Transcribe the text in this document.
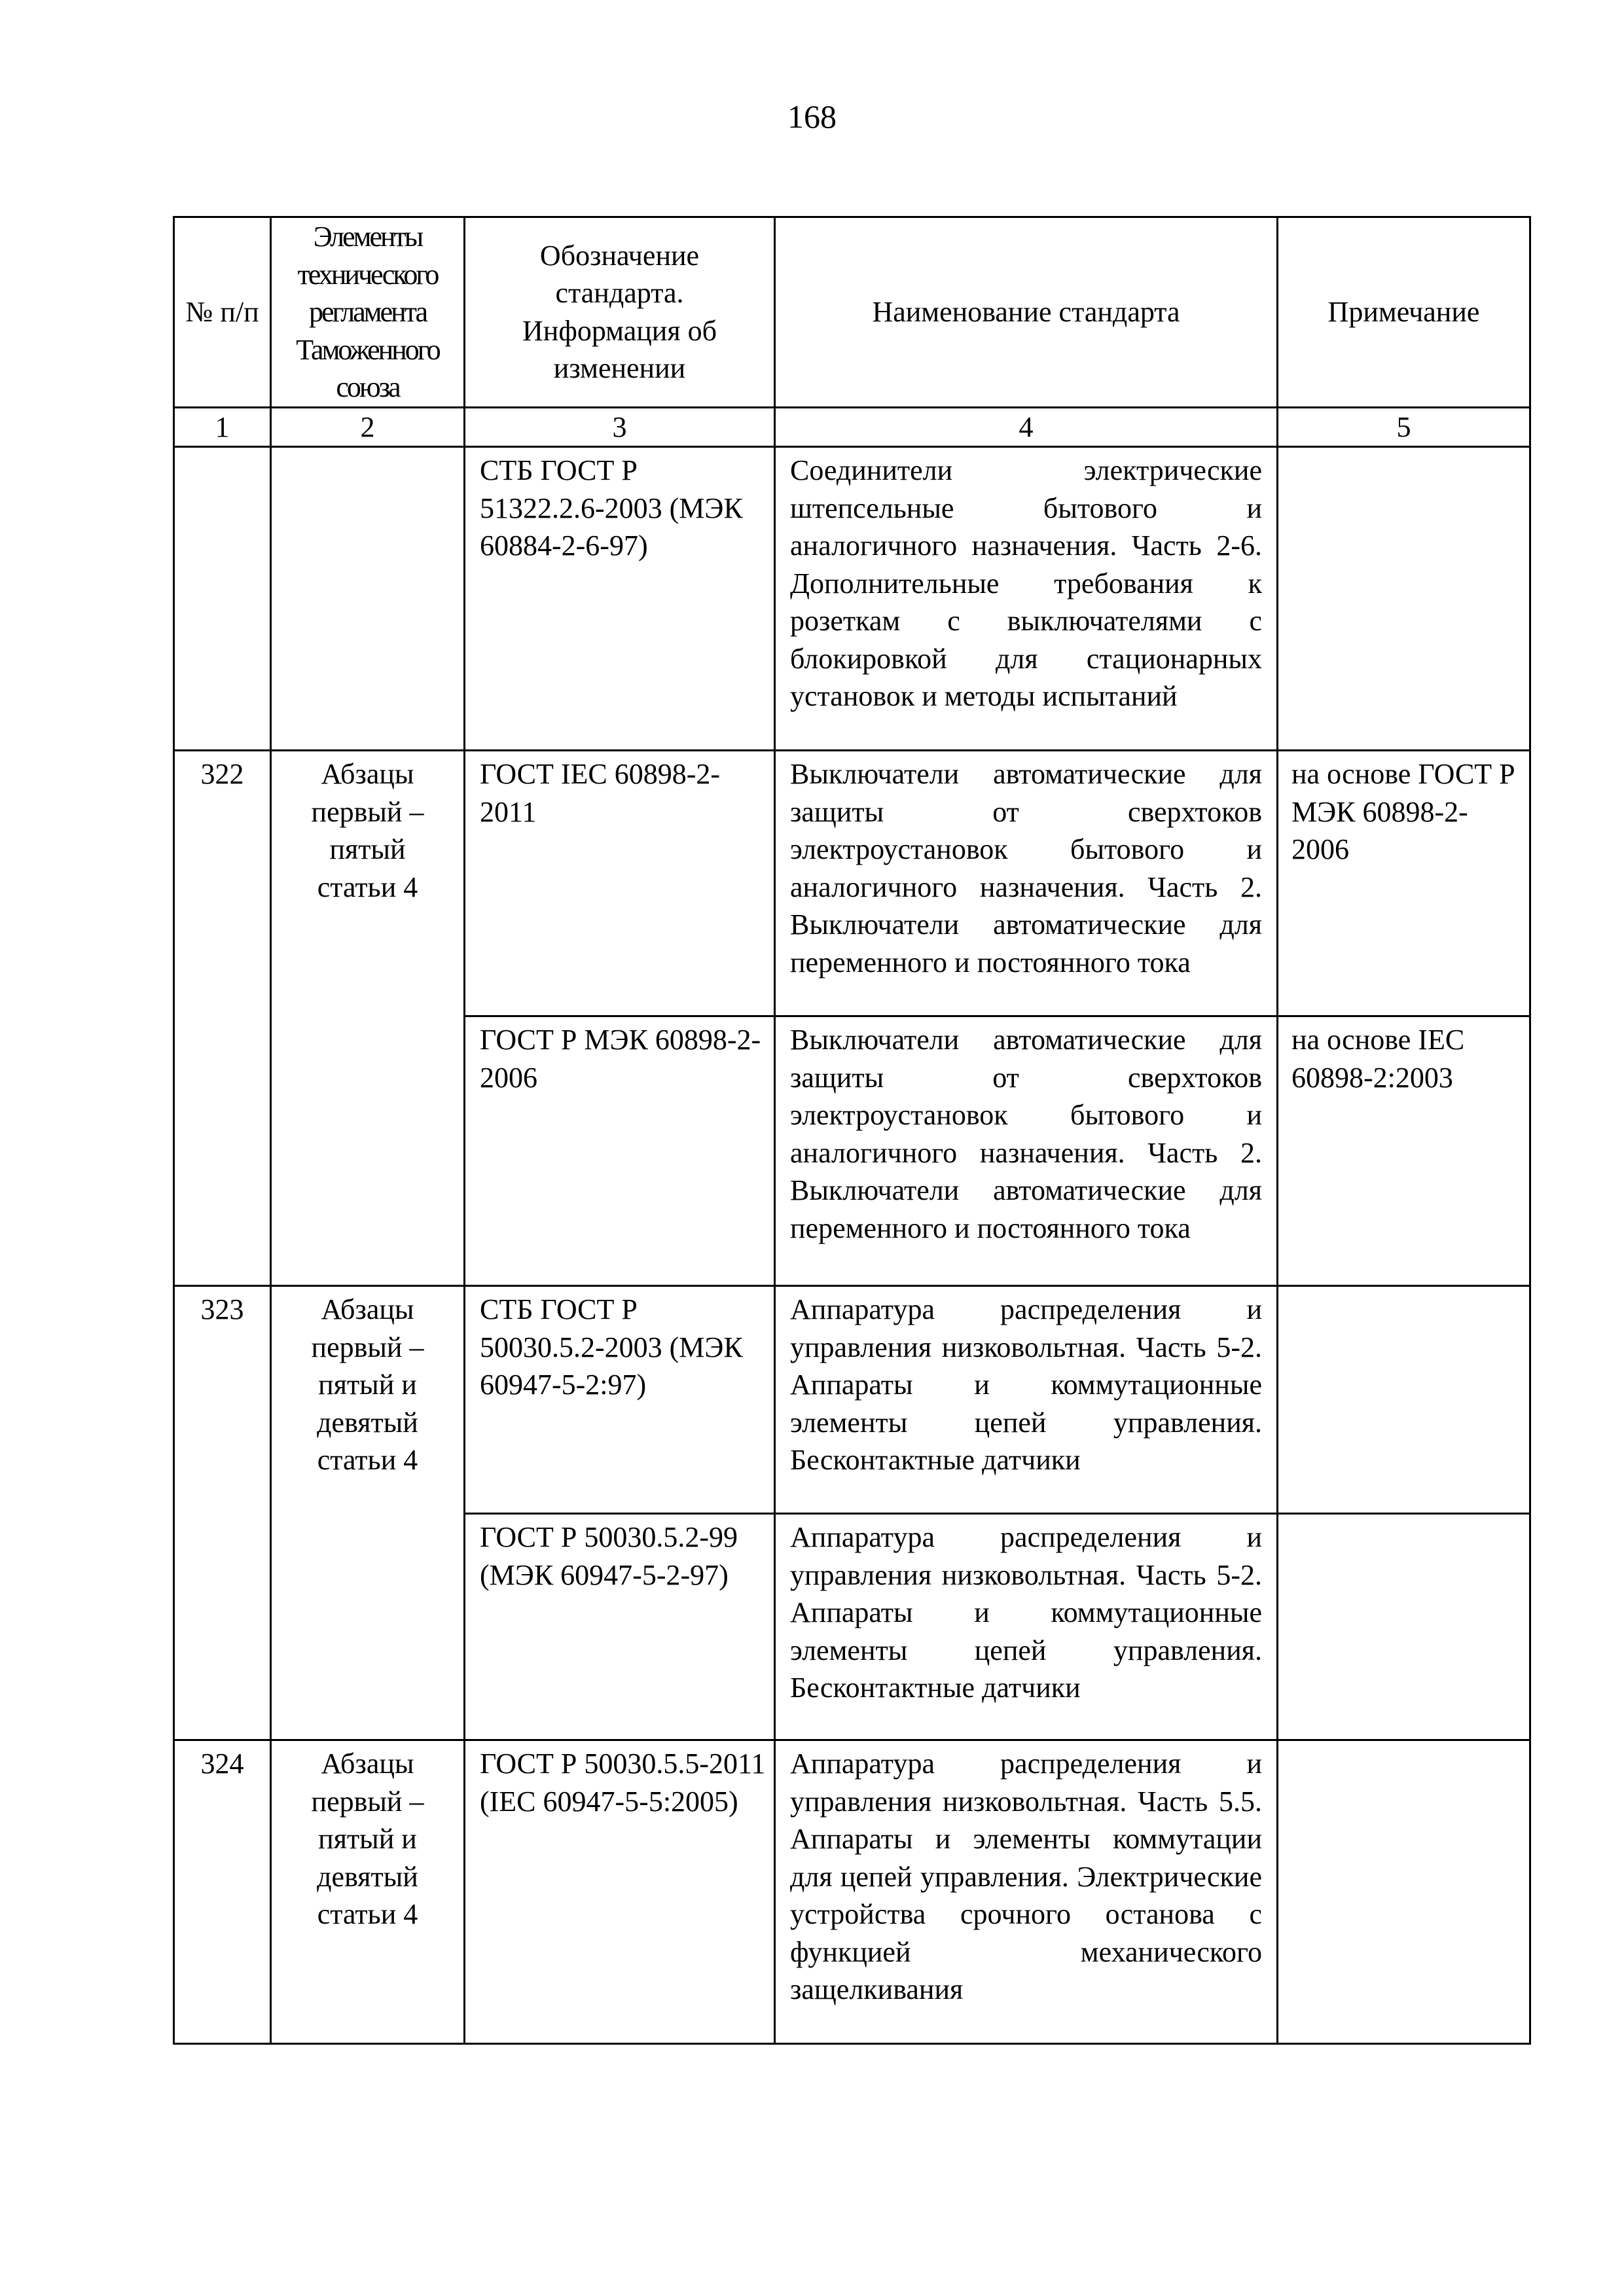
168
№ п/п	Элементы технического регламента Таможенного союза	Обозначение стандарта. Информация об изменении	Наименование стандарта	Примечание
1	2	3	4	5
		СТБ ГОСТ Р 51322.2.6-2003 (МЭК 60884-2-6-97)	Соединители электрические штепсельные бытового и аналогичного назначения. Часть 2-6. Дополнительные требования к розеткам с выключателями с блокировкой для стационарных установок и методы испытаний	
322	Абзацы первый – пятый статьи 4	ГОСТ IEC 60898-2-2011	Выключатели автоматические для защиты от сверхтоков электроустановок бытового и аналогичного назначения. Часть 2. Выключатели автоматические для переменного и постоянного тока	на основе ГОСТ Р МЭК 60898-2-2006
		ГОСТ Р МЭК 60898-2-2006	Выключатели автоматические для защиты от сверхтоков электроустановок бытового и аналогичного назначения. Часть 2. Выключатели автоматические для переменного и постоянного тока	на основе IEC 60898-2:2003
323	Абзацы первый – пятый и девятый статьи 4	СТБ ГОСТ Р 50030.5.2-2003 (МЭК 60947-5-2:97)	Аппаратура распределения и управления низковольтная. Часть 5-2. Аппараты и коммутационные элементы цепей управления. Бесконтактные датчики	
		ГОСТ Р 50030.5.2-99 (МЭК 60947-5-2-97)	Аппаратура распределения и управления низковольтная. Часть 5-2. Аппараты и коммутационные элементы цепей управления. Бесконтактные датчики	
324	Абзацы первый – пятый и девятый статьи 4	ГОСТ Р 50030.5.5-2011 (IEC 60947-5-5:2005)	Аппаратура распределения и управления низковольтная. Часть 5.5. Аппараты и элементы коммутации для цепей управления. Электрические устройства срочного останова с функцией механического защелкивания	
